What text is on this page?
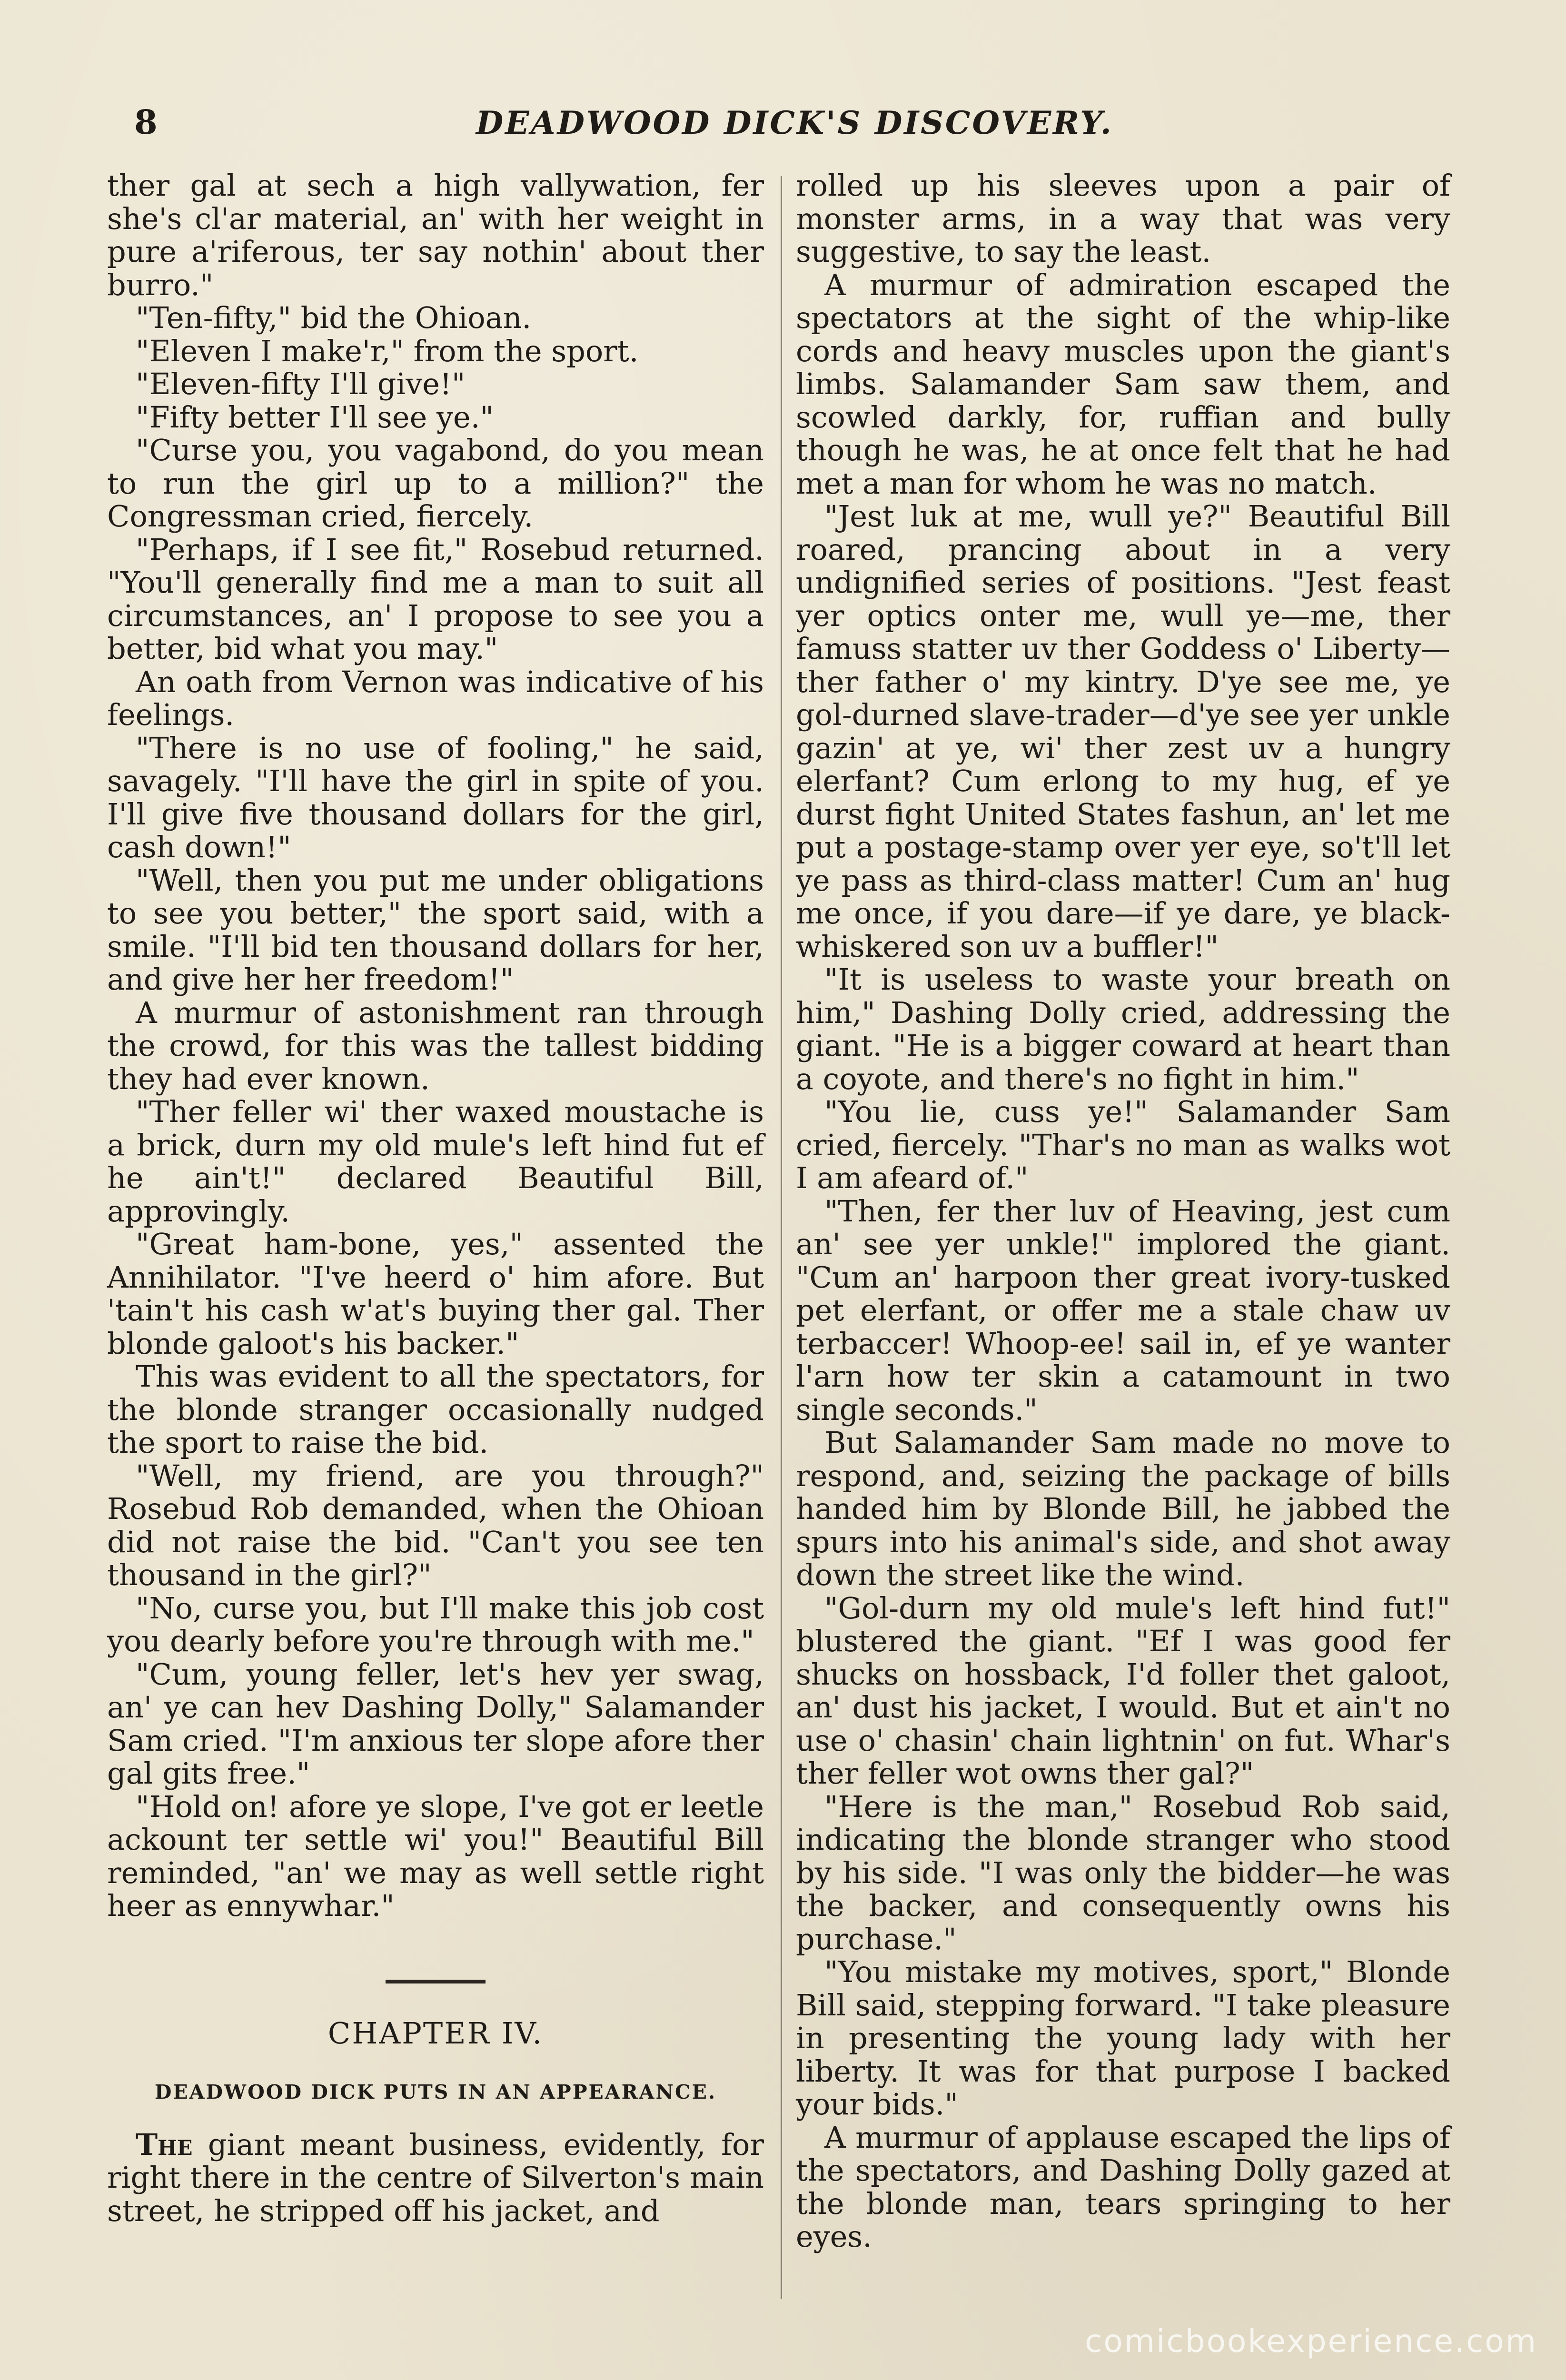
8	DEADWOOD DICK'S DISCOVERY.

ther gal at sech a high vallywation, fer she's cl'ar material, an' with her weight in pure a'riferous, ter say nothin' about ther burro."

"Ten-fifty," bid the Ohioan.

"Eleven I make'r," from the sport.

"Eleven-fifty I'll give!"

"Fifty better I'll see ye."

"Curse you, you vagabond, do you mean to run the girl up to a million?" the Congressman cried, fiercely.

"Perhaps, if I see fit," Rosebud returned. "You'll generally find me a man to suit all circumstances, an' I propose to see you a better, bid what you may."

An oath from Vernon was indicative of his feelings.

"There is no use of fooling," he said, savagely. "I'll have the girl in spite of you. I'll give five thousand dollars for the girl, cash down!"

"Well, then you put me under obligations to see you better," the sport said, with a smile. "I'll bid ten thousand dollars for her, and give her her freedom!"

A murmur of astonishment ran through the crowd, for this was the tallest bidding they had ever known.

"Ther feller wi' ther waxed moustache is a brick, durn my old mule's left hind fut ef he ain't!" declared Beautiful Bill, approvingly.

"Great ham-bone, yes," assented the Annihilator. "I've heerd o' him afore. But 'tain't his cash w'at's buying ther gal. Ther blonde galoot's his backer."

This was evident to all the spectators, for the blonde stranger occasionally nudged the sport to raise the bid.

"Well, my friend, are you through?" Rosebud Rob demanded, when the Ohioan did not raise the bid. "Can't you see ten thousand in the girl?"

"No, curse you, but I'll make this job cost you dearly before you're through with me."

"Cum, young feller, let's hev yer swag, an' ye can hev Dashing Dolly," Salamander Sam cried. "I'm anxious ter slope afore ther gal gits free."

"Hold on! afore ye slope, I've got er leetle ackount ter settle wi' you!" Beautiful Bill reminded, "an' we may as well settle right heer as ennywhar."

CHAPTER IV.
DEADWOOD DICK PUTS IN AN APPEARANCE.

The giant meant business, evidently, for right there in the centre of Silverton's main street, he stripped off his jacket, and

rolled up his sleeves upon a pair of monster arms, in a way that was very suggestive, to say the least.

A murmur of admiration escaped the spectators at the sight of the whip-like cords and heavy muscles upon the giant's limbs. Salamander Sam saw them, and scowled darkly, for, ruffian and bully though he was, he at once felt that he had met a man for whom he was no match.

"Jest luk at me, wull ye?" Beautiful Bill roared, prancing about in a very undignified series of positions. "Jest feast yer optics onter me, wull ye—me, ther famuss statter uv ther Goddess o' Liberty—ther father o' my kintry. D'ye see me, ye gol-durned slave-trader—d'ye see yer unkle gazin' at ye, wi' ther zest uv a hungry elerfant? Cum erlong to my hug, ef ye durst fight United States fashun, an' let me put a postage-stamp over yer eye, so't'll let ye pass as third-class matter! Cum an' hug me once, if you dare—if ye dare, ye black-whiskered son uv a buffler!"

"It is useless to waste your breath on him," Dashing Dolly cried, addressing the giant. "He is a bigger coward at heart than a coyote, and there's no fight in him."

"You lie, cuss ye!" Salamander Sam cried, fiercely. "Thar's no man as walks wot I am afeard of."

"Then, fer ther luv of Heaving, jest cum an' see yer unkle!" implored the giant. "Cum an' harpoon ther great ivory-tusked pet elerfant, or offer me a stale chaw uv terbaccer! Whoop-ee! sail in, ef ye wanter l'arn how ter skin a catamount in two single seconds."

But Salamander Sam made no move to respond, and, seizing the package of bills handed him by Blonde Bill, he jabbed the spurs into his animal's side, and shot away down the street like the wind.

"Gol-durn my old mule's left hind fut!" blustered the giant. "Ef I was good fer shucks on hossback, I'd foller thet galoot, an' dust his jacket, I would. But et ain't no use o' chasin' chain lightnin' on fut. Whar's ther feller wot owns ther gal?"

"Here is the man," Rosebud Rob said, indicating the blonde stranger who stood by his side. "I was only the bidder—he was the backer, and consequently owns his purchase."

"You mistake my motives, sport," Blonde Bill said, stepping forward. "I take pleasure in presenting the young lady with her liberty. It was for that purpose I backed your bids."

A murmur of applause escaped the lips of the spectators, and Dashing Dolly gazed at the blonde man, tears springing to her eyes.

comicbookexperience.com
